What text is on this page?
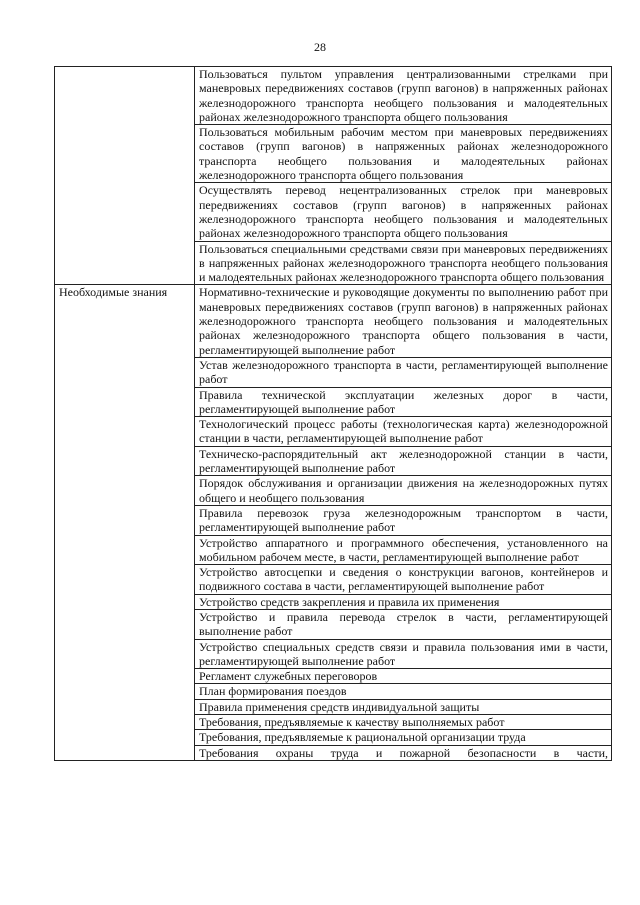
28
	Пользоваться пультом управления централизованными стрелками при маневровых передвижениях составов (групп вагонов) в напряженных районах железнодорожного транспорта необщего пользования и малодеятельных районах железнодорожного транспорта общего пользования
	Пользоваться мобильным рабочим местом при маневровых передвижениях составов (групп вагонов) в напряженных районах железнодорожного транспорта необщего пользования и малодеятельных районах железнодорожного транспорта общего пользования
	Осуществлять перевод нецентрализованных стрелок при маневровых передвижениях составов (групп вагонов) в напряженных районах железнодорожного транспорта необщего пользования и малодеятельных районах железнодорожного транспорта общего пользования
	Пользоваться специальными средствами связи при маневровых передвижениях в напряженных районах железнодорожного транспорта необщего пользования и малодеятельных районах железнодорожного транспорта общего пользования
Необходимые знания	Нормативно-технические и руководящие документы по выполнению работ при маневровых передвижениях составов (групп вагонов) в напряженных районах железнодорожного транспорта необщего пользования и малодеятельных районах железнодорожного транспорта общего пользования в части, регламентирующей выполнение работ
	Устав железнодорожного транспорта в части, регламентирующей выполнение работ
	Правила технической эксплуатации железных дорог в части, регламентирующей выполнение работ
	Технологический процесс работы (технологическая карта) железнодорожной станции в части, регламентирующей выполнение работ
	Техническо-распорядительный акт железнодорожной станции в части, регламентирующей выполнение работ
	Порядок обслуживания и организации движения на железнодорожных путях общего и необщего пользования
	Правила перевозок груза железнодорожным транспортом в части, регламентирующей выполнение работ
	Устройство аппаратного и программного обеспечения, установленного на мобильном рабочем месте, в части, регламентирующей выполнение работ
	Устройство автосцепки и сведения о конструкции вагонов, контейнеров и подвижного состава в части, регламентирующей выполнение работ
	Устройство средств закрепления и правила их применения
	Устройство и правила перевода стрелок в части, регламентирующей выполнение работ
	Устройство специальных средств связи и правила пользования ими в части, регламентирующей выполнение работ
	Регламент служебных переговоров
	План формирования поездов
	Правила применения средств индивидуальной защиты
	Требования, предъявляемые к качеству выполняемых работ
	Требования, предъявляемые к рациональной организации труда
	Требования охраны труда и пожарной безопасности в части,
